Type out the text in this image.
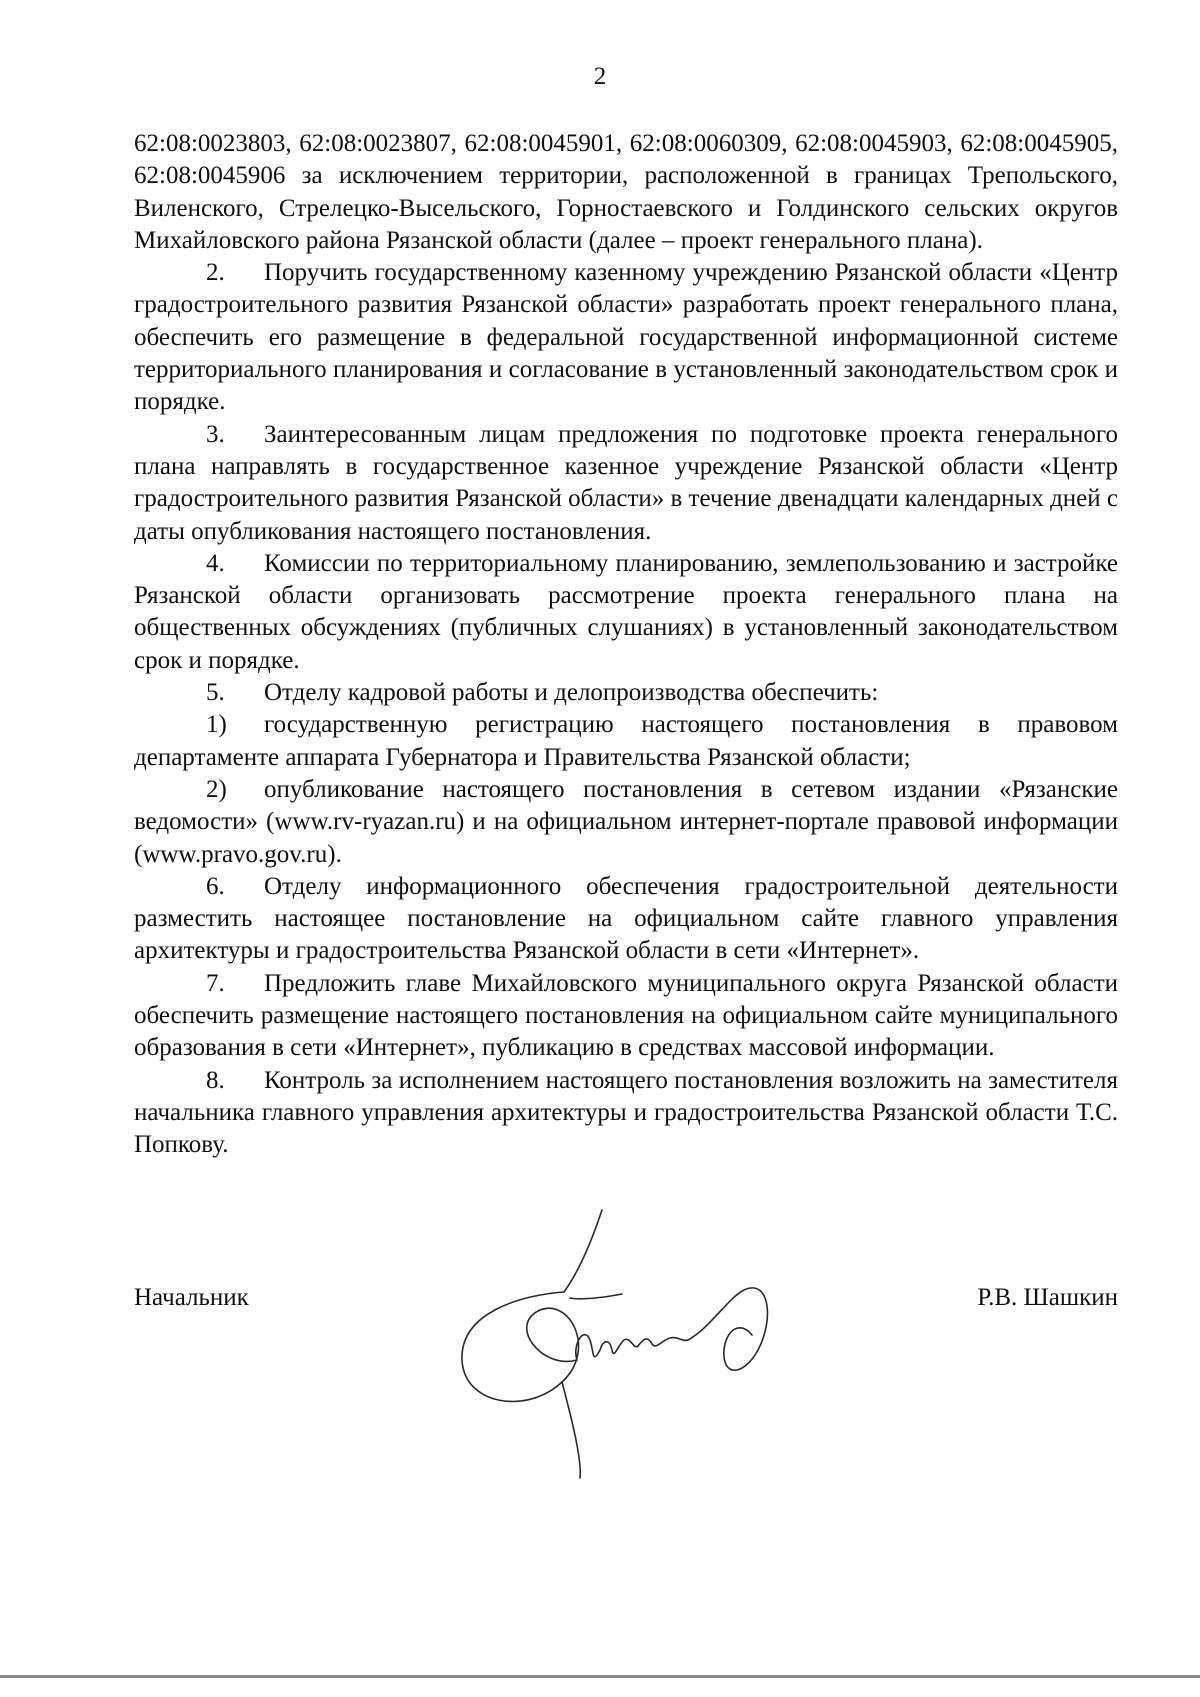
2

62:08:0023803, 62:08:0023807, 62:08:0045901, 62:08:0060309, 62:08:0045903, 62:08:0045905, 62:08:0045906 за исключением территории, расположенной в границах Трепольского, Виленского, Стрелецко-Высельского, Горностаевского и Голдинского сельских округов Михайловского района Рязанской области (далее – проект генерального плана).

2. Поручить государственному казенному учреждению Рязанской области «Центр градостроительного развития Рязанской области» разработать проект генерального плана, обеспечить его размещение в федеральной государственной информационной системе территориального планирования и согласование в установленный законодательством срок и порядке.

3. Заинтересованным лицам предложения по подготовке проекта генерального плана направлять в государственное казенное учреждение Рязанской области «Центр градостроительного развития Рязанской области» в течение двенадцати календарных дней с даты опубликования настоящего постановления.

4. Комиссии по территориальному планированию, землепользованию и застройке Рязанской области организовать рассмотрение проекта генерального плана на общественных обсуждениях (публичных слушаниях) в установленный законодательством срок и порядке.

5. Отделу кадровой работы и делопроизводства обеспечить:

1) государственную регистрацию настоящего постановления в правовом департаменте аппарата Губернатора и Правительства Рязанской области;

2) опубликование настоящего постановления в сетевом издании «Рязанские ведомости» (www.rv-ryazan.ru) и на официальном интернет-портале правовой информации (www.pravo.gov.ru).

6. Отделу информационного обеспечения градостроительной деятельности разместить настоящее постановление на официальном сайте главного управления архитектуры и градостроительства Рязанской области в сети «Интернет».

7. Предложить главе Михайловского муниципального округа Рязанской области обеспечить размещение настоящего постановления на официальном сайте муниципального образования в сети «Интернет», публикацию в средствах массовой информации.

8. Контроль за исполнением настоящего постановления возложить на заместителя начальника главного управления архитектуры и градостроительства Рязанской области Т.С. Попкову.

Начальник	Р.В. Шашкин
